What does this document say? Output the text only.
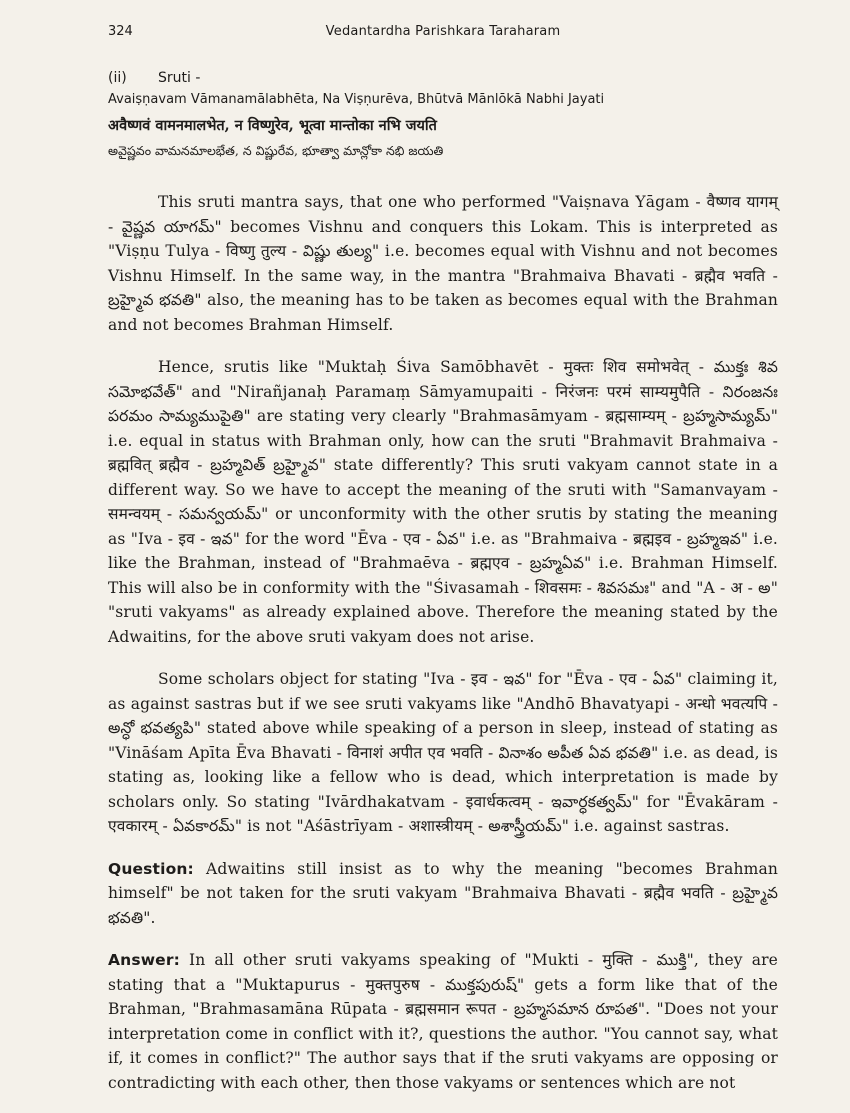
324	Vedantardha Parishkara Taraharam
(ii) Sruti -
Avaiṣṇavam Vāmanamālabhēta, Na Viṣṇurēva, Bhūtvā Mānlōkā Nabhi Jayati
अवैष्णवं वामनमालभेत, न विष्णुरेव, भूत्वा मान्तोका नभि जयति
అవైష్ణవం వామనమాలభేత, న విష్ణురేవ, భూత్వా మాన్లోకా నభి జయతి

This sruti mantra says, that one who performed "Vaiṣnava Yāgam - वैष्णव यागम् - వైష్ణవ యాగమ్" becomes Vishnu and conquers this Lokam. This is interpreted as "Viṣṇu Tulya - विष्णु तुल्य - విష్ణు తుల్య" i.e. becomes equal with Vishnu and not becomes Vishnu Himself. In the same way, in the mantra "Brahmaiva Bhavati - ब्रह्मैव भवति - బ్రహ్మైవ భవతి" also, the meaning has to be taken as becomes equal with the Brahman and not becomes Brahman Himself.

Hence, srutis like "Muktaḥ Śiva Samōbhavēt - मुक्तः शिव समोभवेत् - ముక్తః శివ సమోభవేత్" and "Nirañjanaḥ Paramaṃ Sāmyamupaiti - निरंजनः परमं साम्यमुपैति - నిరంజనః పరమం సామ్యముపైతి" are stating very clearly "Brahmasāmyam - ब्रह्मसाम्यम् - బ్రహ్మసామ్యమ్" i.e. equal in status with Brahman only, how can the sruti "Brahmavit Brahmaiva - ब्रह्मवित् ब्रह्मैव - బ్రహ్మవిత్ బ్రహ్మైవ" state differently? This sruti vakyam cannot state in a different way. So we have to accept the meaning of the sruti with "Samanvayam - समन्वयम् - సమన్వయమ్" or unconformity with the other srutis by stating the meaning as "Iva - इव - ఇవ" for the word "Ēva - एव - ఏవ" i.e. as "Brahmaiva - ब्रह्मइव - బ్రహ్మఇవ" i.e. like the Brahman, instead of "Brahmaēva - ब्रह्मएव - బ్రహ్మఏవ" i.e. Brahman Himself. This will also be in conformity with the "Śivasamah - शिवसमः - శివసమః" and "A - अ - అ" "sruti vakyams" as already explained above. Therefore the meaning stated by the Adwaitins, for the above sruti vakyam does not arise.

Some scholars object for stating "Iva - इव - ఇవ" for "Ēva - एव - ఏవ" claiming it, as against sastras but if we see sruti vakyams like "Andhō Bhavatyapi - अन्धो भवत्यपि - అన్ధో భవత్యపి" stated above while speaking of a person in sleep, instead of stating as "Vināśam Apīta Ēva Bhavati - विनाशं अपीत एव भवति - వినాశం అపీత ఏవ భవతి" i.e. as dead, is stating as, looking like a fellow who is dead, which interpretation is made by scholars only. So stating "Ivārdhakatvam - इवार्धकत्वम् - ఇవార్ధకత్వమ్" for "Ēvakāram - एवकारम् - ఏవకారమ్" is not "Aśāstrīyam - अशास्त्रीयम् - అశాస్త్రీయమ్" i.e. against sastras.

Question: Adwaitins still insist as to why the meaning "becomes Brahman himself" be not taken for the sruti vakyam "Brahmaiva Bhavati - ब्रह्मैव भवति - బ్రహ్మైవ భవతి".

Answer: In all other sruti vakyams speaking of "Mukti - मुक्ति - ముక్తి", they are stating that a "Muktapurus - मुक्तपुरुष - ముక్తపురుష్" gets a form like that of the Brahman, "Brahmasamāna Rūpata - ब्रह्मसमान रूपत - బ్రహ్మసమాన రూపత". "Does not your interpretation come in conflict with it?, questions the author. "You cannot say, what if, it comes in conflict?" The author says that if the sruti vakyams are opposing or contradicting with each other, then those vakyams or sentences which are not
